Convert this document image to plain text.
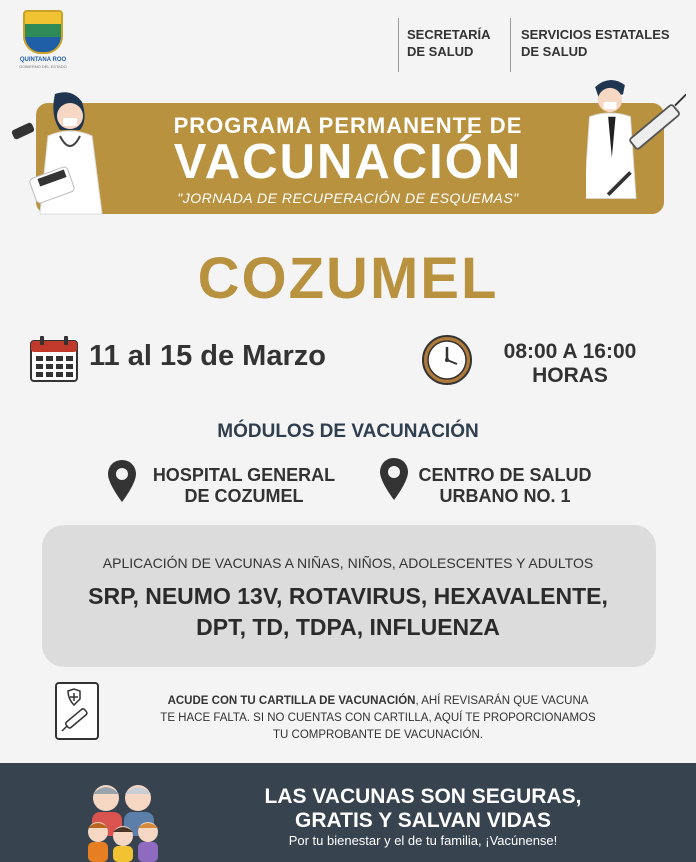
QUINTANA ROO
GOBIERNO DEL ESTADO
SECRETARÍA
DE SALUD
SERVICIOS ESTATALES
DE SALUD
PROGRAMA PERMANENTE DE
VACUNACIÓN
"JORNADA DE RECUPERACIÓN DE ESQUEMAS"
COZUMEL
11 al 15 de Marzo	08:00 A 16:00
HORAS
MÓDULOS DE VACUNACIÓN
HOSPITAL GENERAL
DE COZUMEL
CENTRO DE SALUD
URBANO NO. 1
APLICACIÓN DE VACUNAS A NIÑAS, NIÑOS, ADOLESCENTES Y ADULTOS
SRP, NEUMO 13V, ROTAVIRUS, HEXAVALENTE,
DPT, TD, TDPA, INFLUENZA
ACUDE CON TU CARTILLA DE VACUNACIÓN, AHÍ REVISARÁN QUE VACUNA
TE HACE FALTA. SI NO CUENTAS CON CARTILLA, AQUÍ TE PROPORCIONAMOS
TU COMPROBANTE DE VACUNACIÓN.
LAS VACUNAS SON SEGURAS,
GRATIS Y SALVAN VIDAS
Por tu bienestar y el de tu familia, ¡Vacúnense!
